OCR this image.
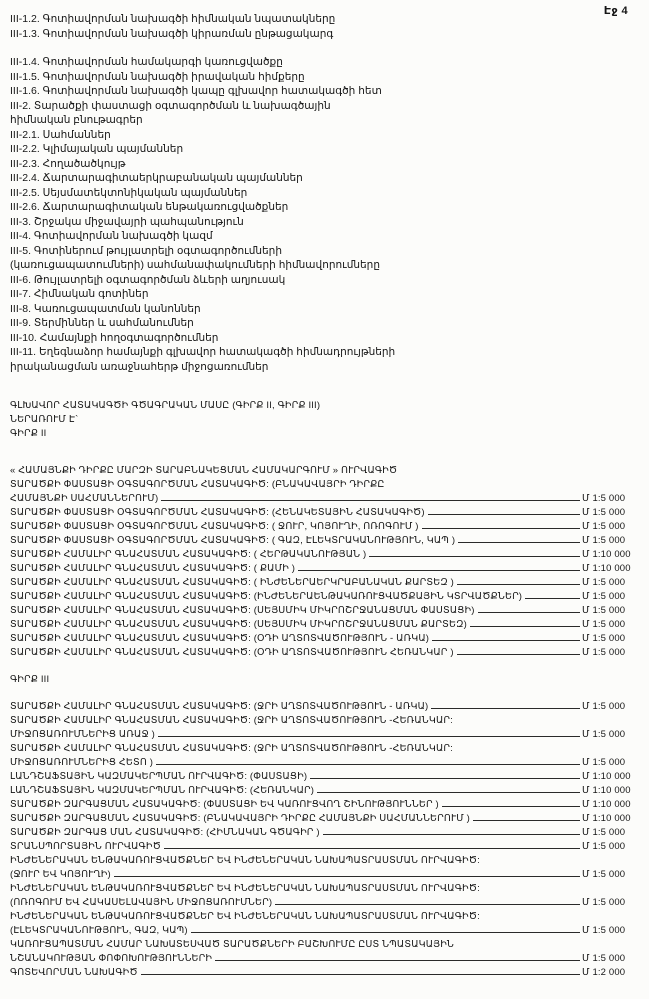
Էջ 4
III-1.2. Գոտիավորման նախագծի հիմնական նպատակները
III-1.3. Գոտիավորման նախագծի կիրառման ընթացակարգ
III-1.4. Գոտիավորման համակարգի կառուցվածքը
III-1.5. Գոտիավորման նախագծի իրավական հիմքերը
III-1.6. Գոտիավորման նախագծի կապը գլխավոր հատակագծի հետ
III-2. Տարածքի փաստացի օգտագործման և նախագծային
հիմնական բնութագրեր
III-2.1. Սահմաններ
III-2.2. Կլիմայական պայմաններ
III-2.3. Հողածածկույթ
III-2.4. Ճարտարագիտաերկրաբանական պայմաններ
III-2.5. Սեյսմատեկտոնիկական պայմաններ
III-2.6. Ճարտարագիտական ենթակառուցվածքներ
III-3. Շրջակա միջավայրի պահպանություն
III-4. Գոտիավորման նախագծի կազմ
III-5. Գոտիներում թույլատրելի օգտագործումների
(կառուցապատումների) սահմանափակումների հիմնավորումները
III-6. Թույլատրելի օգտագործման ձևերի աղյուսակ
III-7. Հիմնական գոտիներ
III-8. Կառուցապատման կանոններ
III-9. Տերմիններ և սահմանումներ
III-10. Համայնքի հողօգտագործումներ
III-11. Եղեգնաձոր համայնքի գլխավոր հատակագծի հիմնադրույթների
իրականացման առաջնահերթ միջոցառումներ
ԳԼԽԱՎՈՐ ՀԱՏԱԿԱԳԾԻ ԳԾԱԳՐԱԿԱՆ ՄԱՍԸ (ԳԻՐՔ II, ԳԻՐՔ III)
ՆԵՐԱՌՈՒՄ Է`
ԳԻՐՔ II
« ՀԱՄԱՅՆՔԻ ԴԻՐՔԸ ՄԱՐԶԻ ՏԱՐԱԲՆԱԿԵՑՄԱՆ ՀԱՄԱԿԱՐԳՈՒՄ » ՈՒՐՎԱԳԻԾ
ՏԱՐԱԾՔԻ ՓԱՍՏԱՑԻ ՕԳՏԱԳՈՐԾՄԱՆ ՀԱՏԱԿԱԳԻԾ: (ԲՆԱԿԱՎԱՅՐԻ ԴԻՐՔԸ
ՀԱՄԱՅՆՔԻ ՍԱՀՄԱՆՆԵՐՈՒՄ)	Մ 1:5 000
ՏԱՐԱԾՔԻ ՓԱՍՏԱՑԻ ՕԳՏԱԳՈՐԾՄԱՆ ՀԱՏԱԿԱԳԻԾ: (ՀԵՆԱԿԵՏԱՅԻՆ ՀԱՏԱԿԱԳԻԾ)	Մ 1:5 000
ՏԱՐԱԾՔԻ ՓԱՍՏԱՑԻ ՕԳՏԱԳՈՐԾՄԱՆ ՀԱՏԱԿԱԳԻԾ: ( ՋՈՒՐ, ԿՈՅՈՒՂԻ, ՈՌՈԳՈՒՄ )	Մ 1:5 000
ՏԱՐԱԾՔԻ ՓԱՍՏԱՑԻ ՕԳՏԱԳՈՐԾՄԱՆ ՀԱՏԱԿԱԳԻԾ: ( ԳԱԶ, ԷԼԵԿՏՐԱԿԱՆՈՒԹՅՈՒՆ, ԿԱՊ )	Մ 1:5 000
ՏԱՐԱԾՔԻ ՀԱՄԱԼԻՐ ԳՆԱՀԱՏՄԱՆ ՀԱՏԱԿԱԳԻԾ: ( ՀԵՐԹԱԿԱՆՈՒԹՅԱՆ )	Մ 1:10 000
ՏԱՐԱԾՔԻ ՀԱՄԱԼԻՐ ԳՆԱՀԱՏՄԱՆ ՀԱՏԱԿԱԳԻԾ: ( ՔԱՄԻ )	Մ 1:10 000
ՏԱՐԱԾՔԻ ՀԱՄԱԼԻՐ ԳՆԱՀԱՏՄԱՆ ՀԱՏԱԿԱԳԻԾ: ( ԻՆԺԵՆԵՐԱԵՐԿՐԱԲԱՆԱԿԱՆ ՔԱՐՏԵԶ )	Մ 1:5 000
ՏԱՐԱԾՔԻ ՀԱՄԱԼԻՐ ԳՆԱՀԱՏՄԱՆ ՀԱՏԱԿԱԳԻԾ: (ԻՆԺԵՆԵՐԱԵՆԹԱԿԱՌՈՒՑՎԱԾՔԱՅԻՆ ԿՏՐՎԱԾՔՆԵՐ)	Մ 1:5 000
ՏԱՐԱԾՔԻ ՀԱՄԱԼԻՐ ԳՆԱՀԱՏՄԱՆ ՀԱՏԱԿԱԳԻԾ: (ՍԵՅՍՄԻԿ ՄԻԿՐՈՇՐՋԱՆԱՑՄԱՆ ՓԱՍՏԱՑԻ)	Մ 1:5 000
ՏԱՐԱԾՔԻ ՀԱՄԱԼԻՐ ԳՆԱՀԱՏՄԱՆ ՀԱՏԱԿԱԳԻԾ: (ՍԵՅՍՄԻԿ ՄԻԿՐՈՇՐՋԱՆԱՑՄԱՆ ՔԱՐՏԵԶ)	Մ 1:5 000
ՏԱՐԱԾՔԻ ՀԱՄԱԼԻՐ ԳՆԱՀԱՏՄԱՆ ՀԱՏԱԿԱԳԻԾ: (ՕԴԻ ԱՂՏՈՏՎԱԾՈՒԹՅՈՒՆ - ԱՌԿԱ)	Մ 1:5 000
ՏԱՐԱԾՔԻ ՀԱՄԱԼԻՐ ԳՆԱՀԱՏՄԱՆ ՀԱՏԱԿԱԳԻԾ: (ՕԴԻ ԱՂՏՈՏՎԱԾՈՒԹՅՈՒՆ ՀԵՌԱՆԿԱՐ )	Մ 1:5 000
ԳԻՐՔ III
ՏԱՐԱԾՔԻ ՀԱՄԱԼԻՐ ԳՆԱՀԱՏՄԱՆ ՀԱՏԱԿԱԳԻԾ: (ՋՐԻ ԱՂՏՈՏՎԱԾՈՒԹՅՈՒՆ - ԱՌԿԱ)	Մ 1:5 000
ՏԱՐԱԾՔԻ ՀԱՄԱԼԻՐ ԳՆԱՀԱՏՄԱՆ ՀԱՏԱԿԱԳԻԾ: (ՋՐԻ ԱՂՏՈՏՎԱԾՈՒԹՅՈՒՆ -ՀԵՌԱՆԿԱՐ:
ՄԻՋՈՑԱՌՈՒՄՆԵՐԻՑ ԱՌԱՋ )	Մ 1:5 000
ՏԱՐԱԾՔԻ ՀԱՄԱԼԻՐ ԳՆԱՀԱՏՄԱՆ ՀԱՏԱԿԱԳԻԾ: (ՋՐԻ ԱՂՏՈՏՎԱԾՈՒԹՅՈՒՆ -ՀԵՌԱՆԿԱՐ:
ՄԻՋՈՑԱՌՈՒՄՆԵՐԻՑ ՀԵՏՈ )	Մ 1:5 000
ԼԱՆԴՇԱՖՏԱՅԻՆ ԿԱԶՄԱԿԵՐՊՄԱՆ ՈՒՐՎԱԳԻԾ: (ՓԱՍՏԱՑԻ)	Մ 1:10 000
ԼԱՆԴՇԱՖՏԱՅԻՆ ԿԱԶՄԱԿԵՐՊՄԱՆ ՈՒՐՎԱԳԻԾ: (ՀԵՌԱՆԿԱՐ)	Մ 1:10 000
ՏԱՐԱԾՔԻ ԶԱՐԳԱՑՄԱՆ ՀԱՏԱԿԱԳԻԾ: (ՓԱՍՏԱՑԻ ԵՎ ԿԱՌՈՒՑՎՈՂ ՇԻՆՈՒԹՅՈՒՆՆԵՐ )	Մ 1:10 000
ՏԱՐԱԾՔԻ ԶԱՐԳԱՑՄԱՆ ՀԱՏԱԿԱԳԻԾ: (ԲՆԱԿԱՎԱՅՐԻ ԴԻՐՔԸ ՀԱՄԱՅՆՔԻ ՍԱՀՄԱՆՆԵՐՈՒՄ )	Մ 1:10 000
ՏԱՐԱԾՔԻ ԶԱՐԳԱՑ ՄԱՆ ՀԱՏԱԿԱԳԻԾ: (ՀԻՄՆԱԿԱՆ ԳԾԱԳԻՐ )	Մ 1:5 000
ՏՐԱՆՍՊՈՐՏԱՅԻՆ ՈՒՐՎԱԳԻԾ	Մ 1:5 000
ԻՆԺԵՆԵՐԱԿԱՆ ԵՆԹԱԿԱՌՈՒՑՎԱԾՔՆԵՐ ԵՎ ԻՆԺԵՆԵՐԱԿԱՆ ՆԱԽԱՊԱՏՐԱՍՏՄԱՆ ՈՒՐՎԱԳԻԾ:
(ՋՈՒՐ ԵՎ ԿՈՅՈՒՂԻ)	Մ 1:5 000
ԻՆԺԵՆԵՐԱԿԱՆ ԵՆԹԱԿԱՌՈՒՑՎԱԾՔՆԵՐ ԵՎ ԻՆԺԵՆԵՐԱԿԱՆ ՆԱԽԱՊԱՏՐԱՍՏՄԱՆ ՈՒՐՎԱԳԻԾ:
(ՈՌՈԳՈՒՄ ԵՎ ՀԱԿԱՍԵԼԱՎԱՅԻՆ ՄԻՋՈՑԱՌՈՒՄՆԵՐ)	Մ 1:5 000
ԻՆԺԵՆԵՐԱԿԱՆ ԵՆԹԱԿԱՌՈՒՑՎԱԾՔՆԵՐ ԵՎ ԻՆԺԵՆԵՐԱԿԱՆ ՆԱԽԱՊԱՏՐԱՍՏՄԱՆ ՈՒՐՎԱԳԻԾ:
(ԷԼԵԿՏՐԱԿԱՆՈՒԹՅՈՒՆ, ԳԱԶ, ԿԱՊ)	Մ 1:5 000
ԿԱՌՈՒՑԱՊԱՏՄԱՆ ՀԱՄԱՐ ՆԱԽԱՏԵՍՎԱԾ ՏԱՐԱԾՔՆԵՐԻ ԲԱՇԽՈՒՄԸ ԸՍՏ ՆՊԱՏԱԿԱՅԻՆ
ՆՇԱՆԱԿՈՒԹՅԱՆ ՓՈՓՈԽՈՒԹՅՈՒՆՆԵՐԻ	Մ 1:5 000
ԳՈՏԵՎՈՐՄԱՆ ՆԱԽԱԳԻԾ	Մ 1:2 000
